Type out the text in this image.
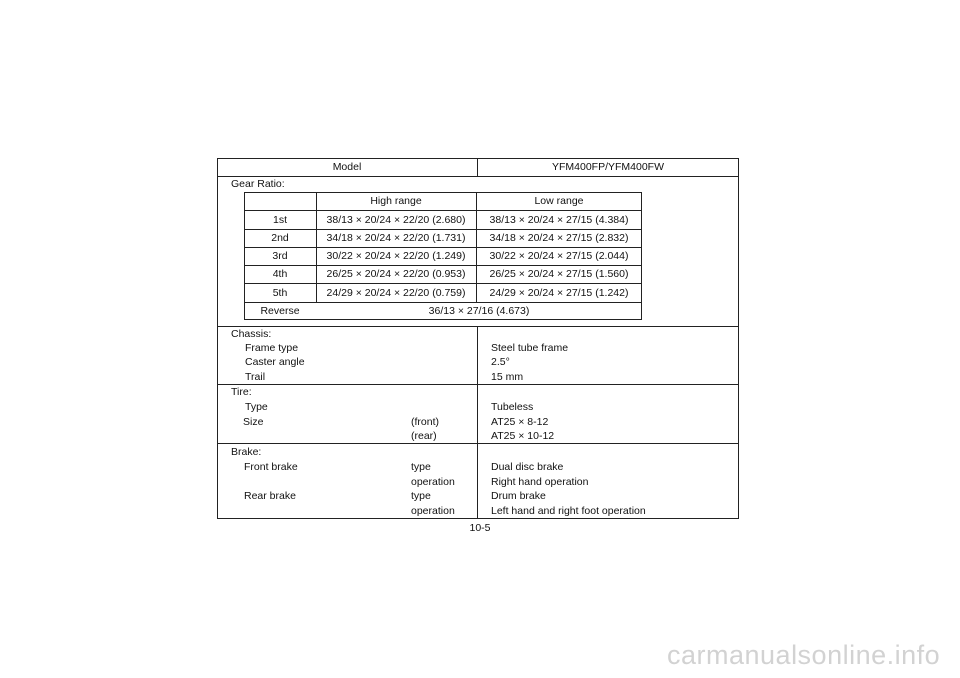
Model	YFM400FP/YFM400FW
Gear Ratio:
High range	Low range
1st	38/13 × 20/24 × 22/20 (2.680)	38/13 × 20/24 × 27/15 (4.384)
2nd	34/18 × 20/24 × 22/20 (1.731)	34/18 × 20/24 × 27/15 (2.832)
3rd	30/22 × 20/24 × 22/20 (1.249)	30/22 × 20/24 × 27/15 (2.044)
4th	26/25 × 20/24 × 22/20 (0.953)	26/25 × 20/24 × 27/15 (1.560)
5th	24/29 × 20/24 × 22/20 (0.759)	24/29 × 20/24 × 27/15 (1.242)
Reverse	36/13 × 27/16 (4.673)
Chassis:
Frame type	Steel tube frame
Caster angle	2.5°
Trail	15 mm
Tire:
Type	Tubeless
Size	(front)	AT25 × 8-12
(rear)	AT25 × 10-12
Brake:
Front brake	type	Dual disc brake
operation	Right hand operation
Rear brake	type	Drum brake
operation	Left hand and right foot operation
10-5
carmanualsonline.info
